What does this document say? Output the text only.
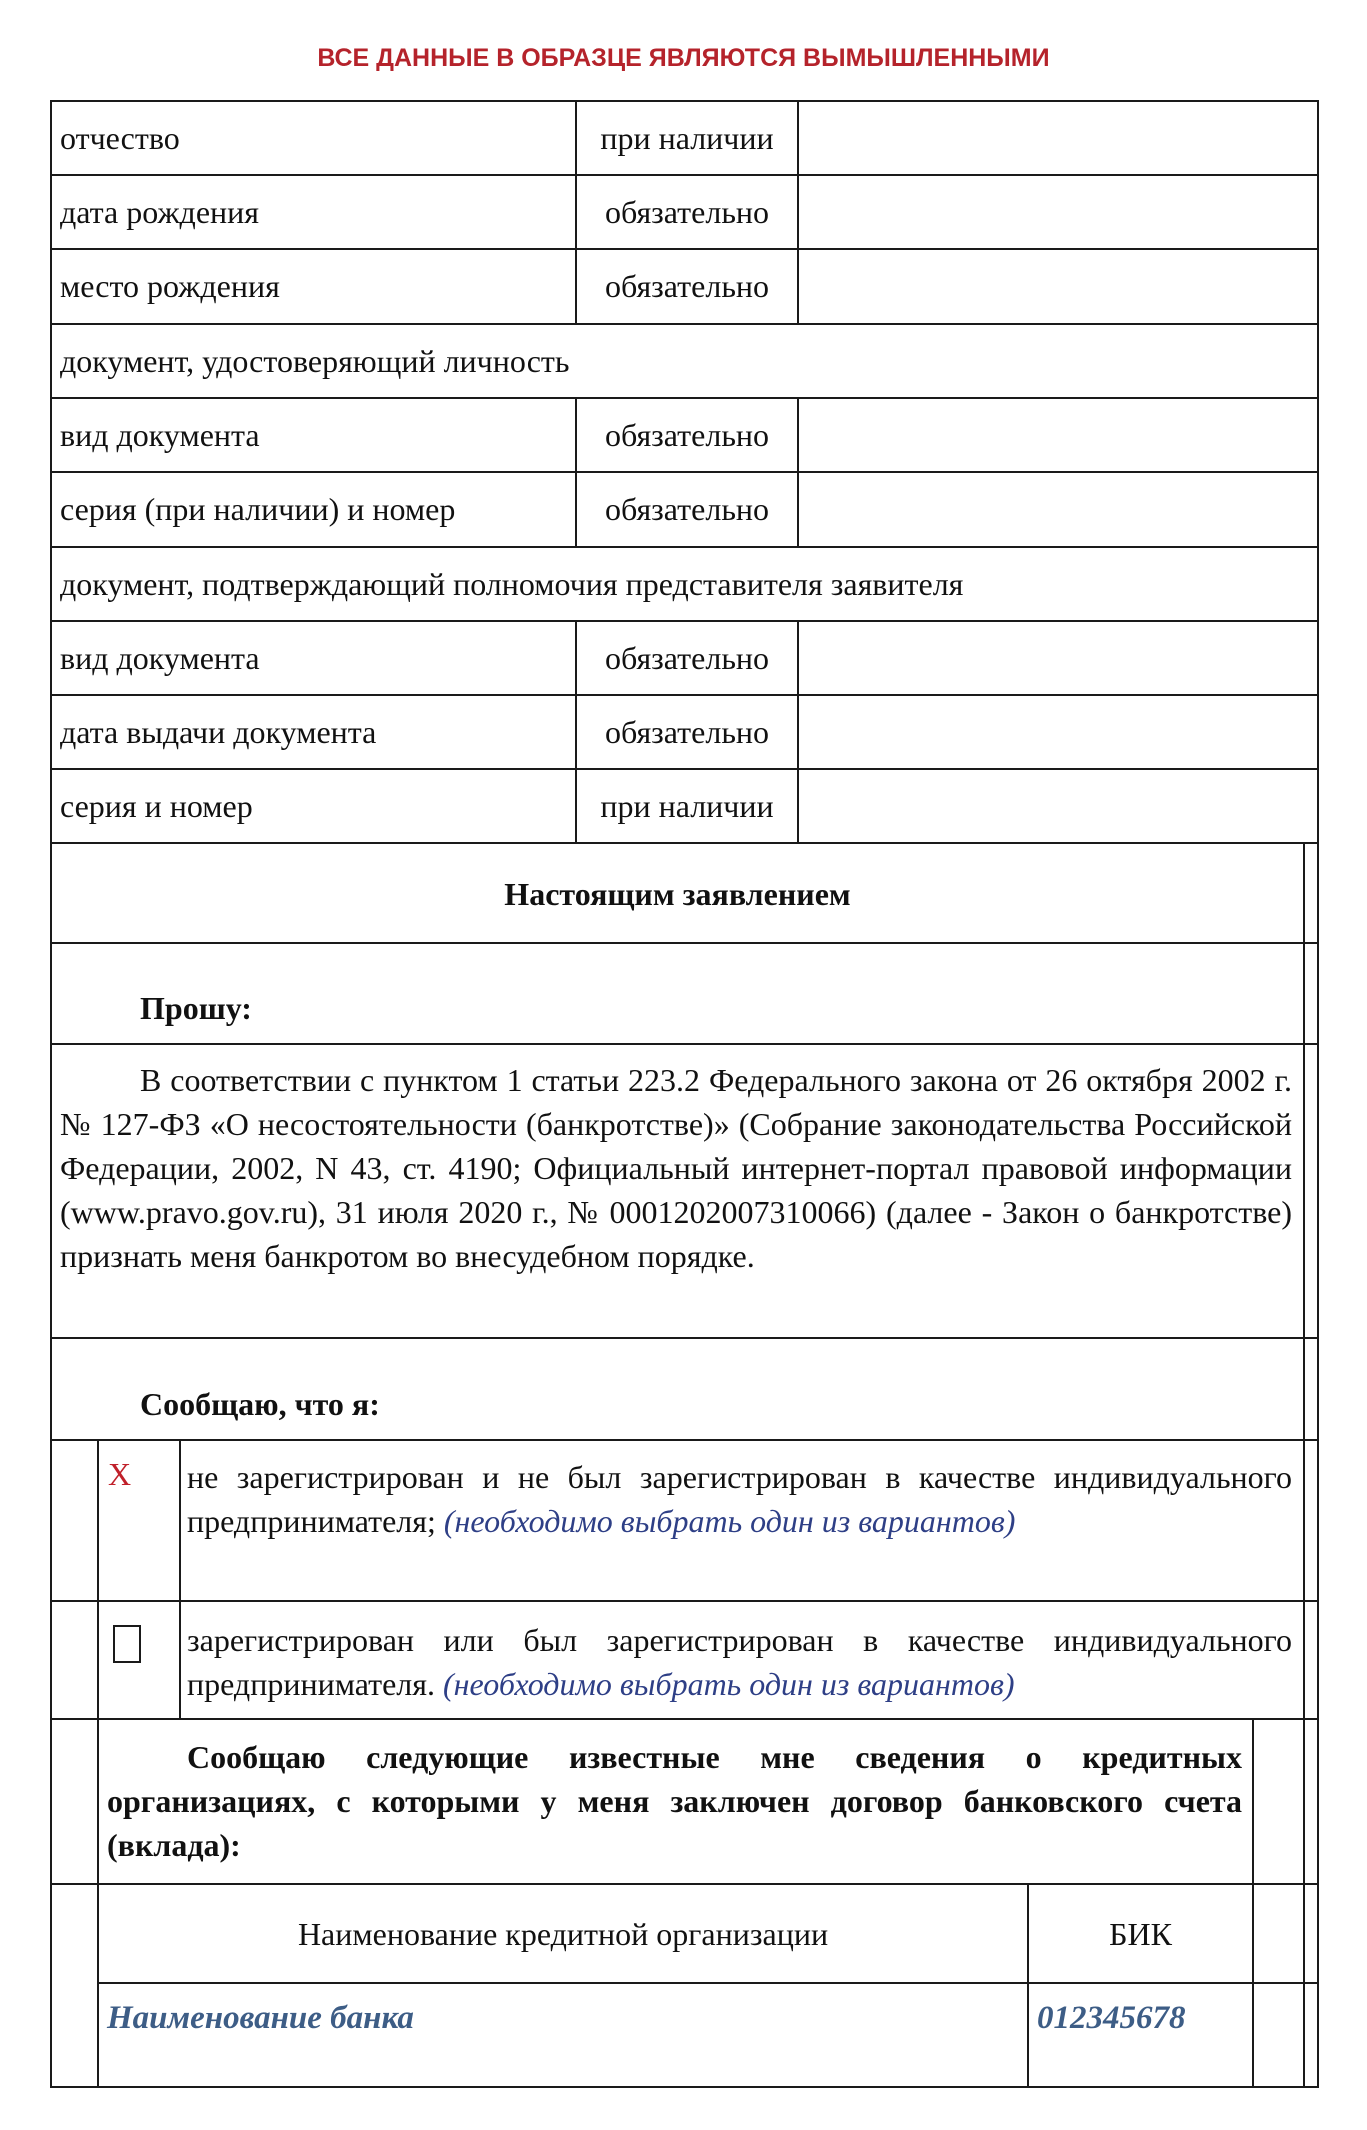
ВСЕ ДАННЫЕ В ОБРАЗЦЕ ЯВЛЯЮТСЯ ВЫМЫШЛЕННЫМИ
отчество	при наличии
дата рождения	обязательно
место рождения	обязательно
документ, удостоверяющий личность
вид документа	обязательно
серия (при наличии) и номер	обязательно
документ, подтверждающий полномочия представителя заявителя
вид документа	обязательно
дата выдачи документа	обязательно
серия и номер	при наличии
Настоящим заявлением
Прошу:
В соответствии с пунктом 1 статьи 223.2 Федерального закона от 26 октября 2002 г. № 127-ФЗ «О несостоятельности (банкротстве)» (Собрание законодательства Российской Федерации, 2002, N 43, ст. 4190; Официальный интернет-портал правовой информации (www.pravo.gov.ru), 31 июля 2020 г., № 0001202007310066) (далее - Закон о банкротстве) признать меня банкротом во внесудебном порядке.
Сообщаю, что я:
X не зарегистрирован и не был зарегистрирован в качестве индивидуального предпринимателя; (необходимо выбрать один из вариантов)
зарегистрирован или был зарегистрирован в качестве индивидуального предпринимателя. (необходимо выбрать один из вариантов)
Сообщаю следующие известные мне сведения о кредитных организациях, с которыми у меня заключен договор банковского счета (вклада):
Наименование кредитной организации	БИК
Наименование банка	012345678
